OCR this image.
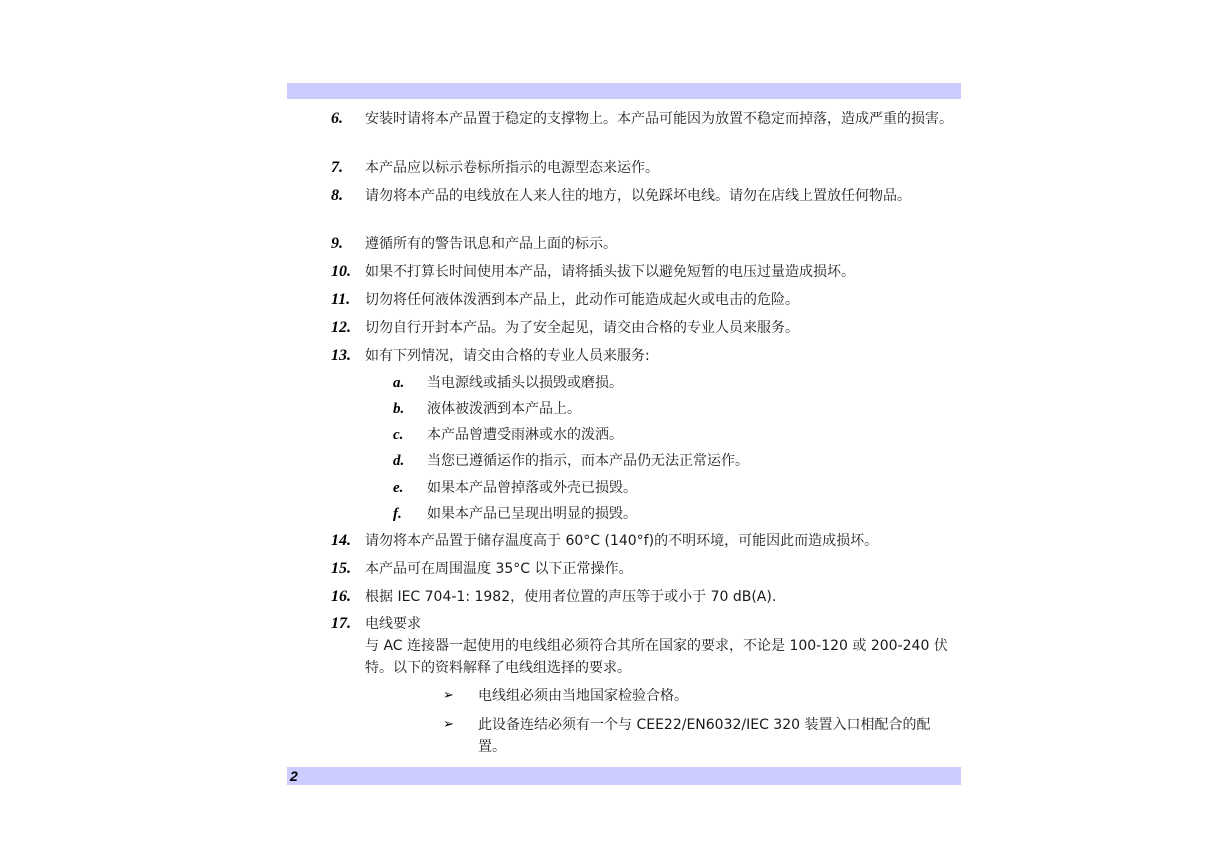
6. 安装时请将本产品置于稳定的支撑物上。本产品可能因为放置不稳定而掉落，造成严重的损害。
7. 本产品应以标示卷标所指示的电源型态来运作。
8. 请勿将本产品的电线放在人来人往的地方，以免踩坏电线。请勿在店线上置放任何物品。
9. 遵循所有的警告讯息和产品上面的标示。
10. 如果不打算长时间使用本产品，请将插头拔下以避免短暂的电压过量造成损坏。
11. 切勿将任何液体泼洒到本产品上，此动作可能造成起火或电击的危险。
12. 切勿自行开封本产品。为了安全起见，请交由合格的专业人员来服务。
13. 如有下列情况，请交由合格的专业人员来服务:
a. 当电源线或插头以损毁或磨损。
b. 液体被泼洒到本产品上。
c. 本产品曾遭受雨淋或水的泼洒。
d. 当您已遵循运作的指示，而本产品仍无法正常运作。
e. 如果本产品曾掉落或外壳已损毁。
f. 如果本产品已呈现出明显的损毁。
14. 请勿将本产品置于储存温度高于 60°C (140°f)的不明环境，可能因此而造成损坏。
15. 本产品可在周围温度 35°C 以下正常操作。
16. 根据 IEC 704-1: 1982，使用者位置的声压等于或小于 70 dB(A).
17. 电线要求
与 AC 连接器一起使用的电线组必须符合其所在国家的要求，不论是 100-120 或 200-240 伏特。以下的资料解释了电线组选择的要求。
➢ 电线组必须由当地国家检验合格。
➢ 此设备连结必须有一个与 CEE22/EN6032/IEC 320 装置入口相配合的配置。
2
